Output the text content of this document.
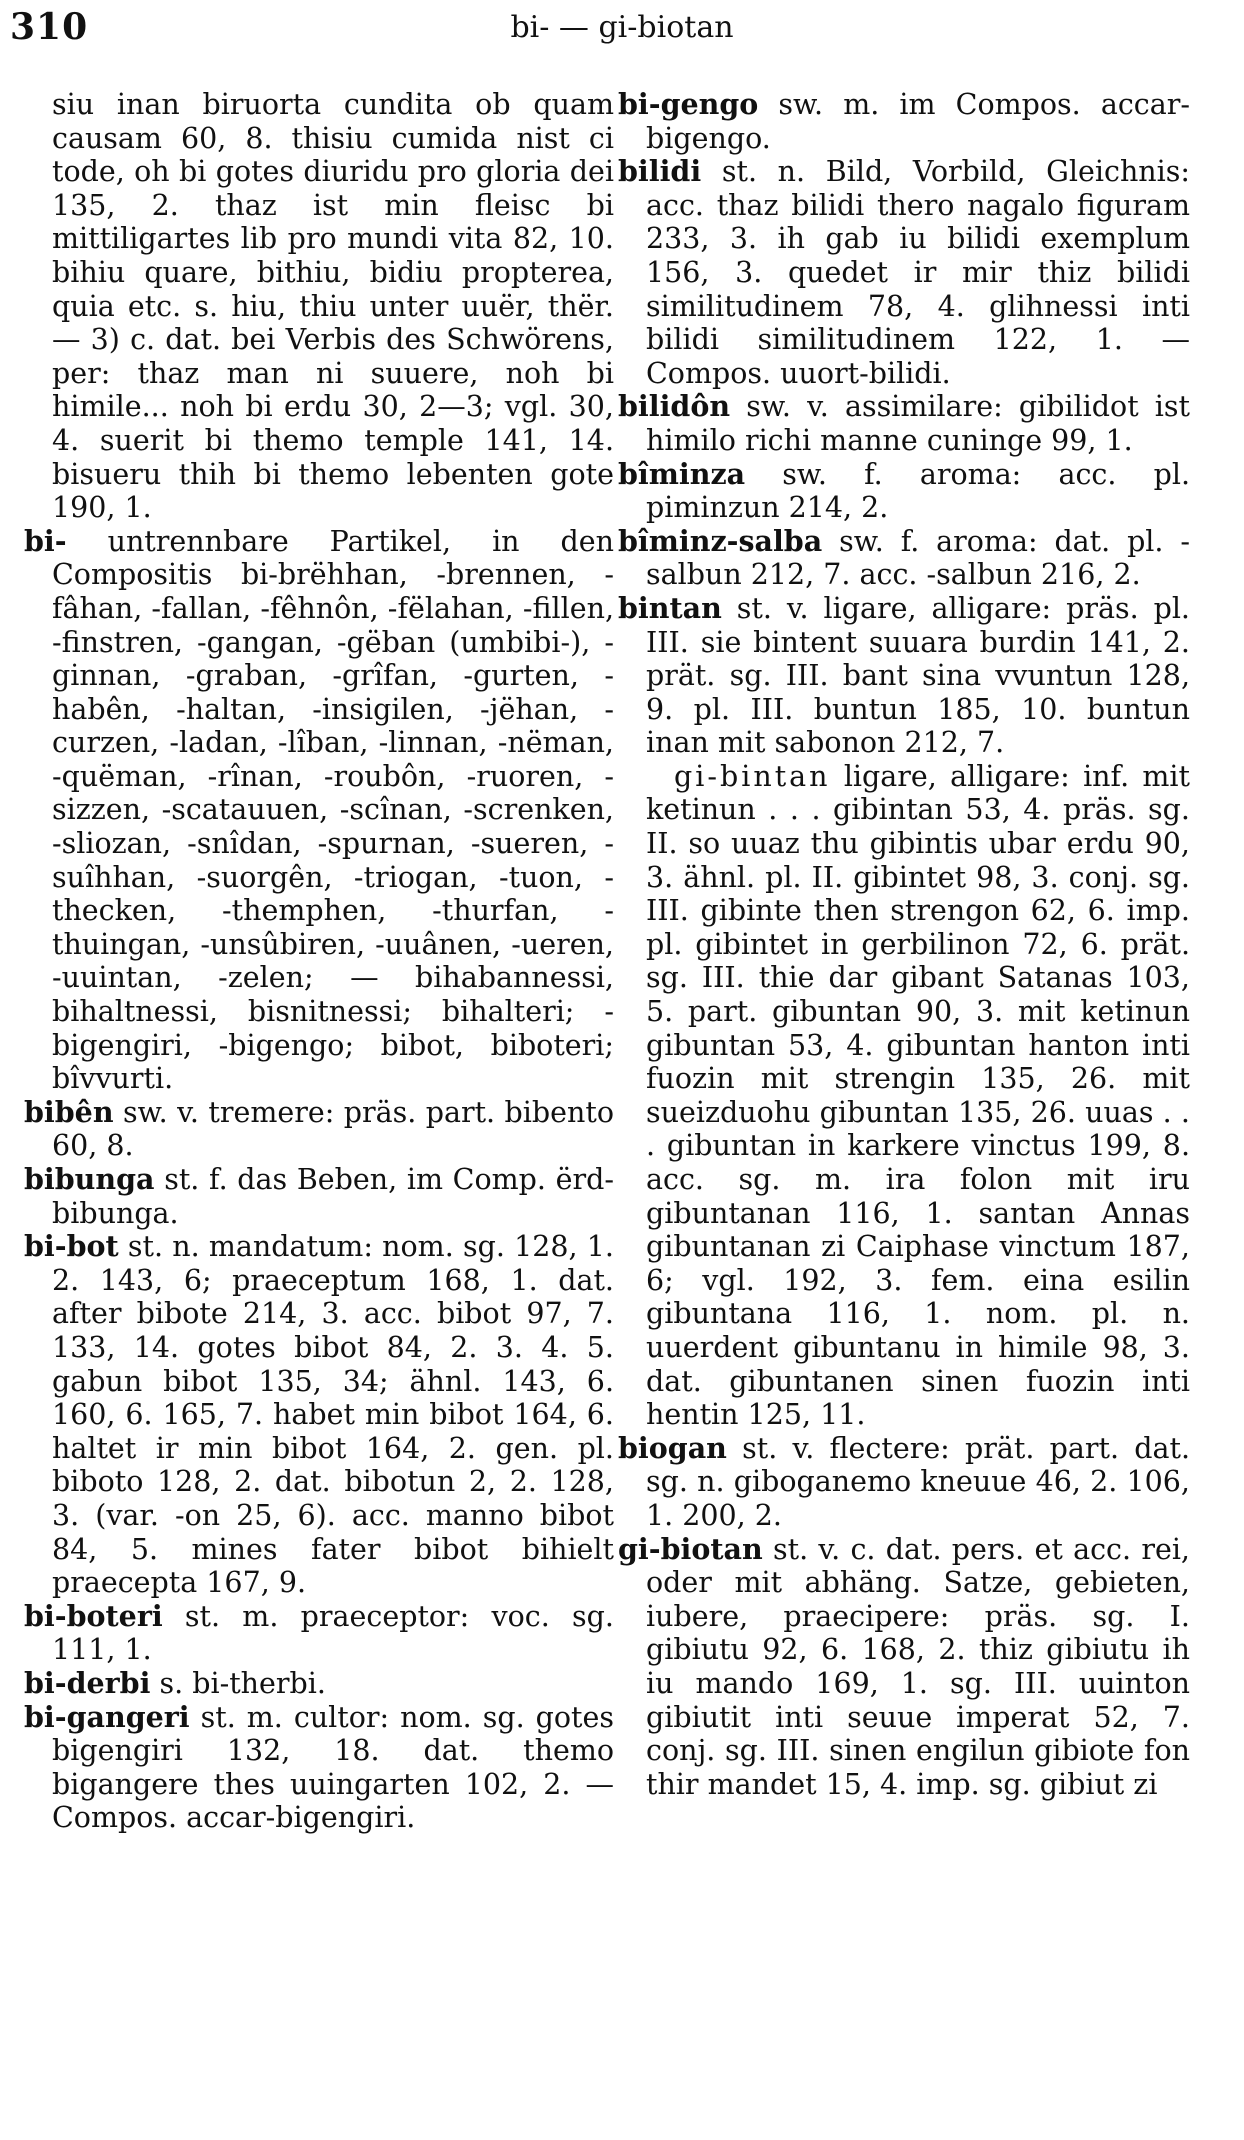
310	bi- — gi-biotan

siu inan biruorta cundita ob quam causam 60, 8. thisiu cumida nist ci tode, oh bi gotes diuridu pro gloria dei 135, 2. thaz ist min fleisc bi mittiligartes lib pro mundi vita 82, 10. bihiu quare, bithiu, bidiu propterea, quia etc. s. hiu, thiu unter uuër, thër. — 3) c. dat. bei Verbis des Schwörens, per: thaz man ni suuere, noh bi himile... noh bi erdu 30, 2—3; vgl. 30, 4. suerit bi themo temple 141, 14. bisueru thih bi themo lebenten gote 190, 1.

bi- untrennbare Partikel, in den Compositis bi-brëhhan, -brennen, -fâhan, -fallan, -fêhnôn, -fëlahan, -fillen, -finstren, -gangan, -gëban (umbibi-), -ginnan, -graban, -grîfan, -gurten, -habên, -haltan, -insigilen, -jëhan, -curzen, -ladan, -lîban, -linnan, -nëman, -quëman, -rînan, -roubôn, -ruoren, -sizzen, -scatauuen, -scînan, -screnken, -sliozan, -snîdan, -spurnan, -sueren, -suîhhan, -suorgên, -triogan, -tuon, -thecken, -themphen, -thurfan, -thuingan, -unsûbiren, -uuânen, -ueren, -uuintan, -zelen; — bihabannessi, bihaltnessi, bisnitnessi; bihalteri; -bigengiri, -bigengo; bibot, biboteri; bîvvurti.

bibên sw. v. tremere: präs. part. bibento 60, 8.

bibunga st. f. das Beben, im Comp. ërd-bibunga.

bi-bot st. n. mandatum: nom. sg. 128, 1. 2. 143, 6; praeceptum 168, 1. dat. after bibote 214, 3. acc. bibot 97, 7. 133, 14. gotes bibot 84, 2. 3. 4. 5. gabun bibot 135, 34; ähnl. 143, 6. 160, 6. 165, 7. habet min bibot 164, 6. haltet ir min bibot 164, 2. gen. pl. biboto 128, 2. dat. bibotun 2, 2. 128, 3. (var. -on 25, 6). acc. manno bibot 84, 5. mines fater bibot bihielt praecepta 167, 9.

bi-boteri st. m. praeceptor: voc. sg. 111, 1.

bi-derbi s. bi-therbi.

bi-gangeri st. m. cultor: nom. sg. gotes bigengiri 132, 18. dat. themo bigangere thes uuingarten 102, 2. — Compos. accar-bigengiri.

bi-gengo sw. m. im Compos. accar-bigengo.

bilidi st. n. Bild, Vorbild, Gleichnis: acc. thaz bilidi thero nagalo figuram 233, 3. ih gab iu bilidi exemplum 156, 3. quedet ir mir thiz bilidi similitudinem 78, 4. glihnessi inti bilidi similitudinem 122, 1. — Compos. uuort-bilidi.

bilidôn sw. v. assimilare: gibilidot ist himilo richi manne cuninge 99, 1.

bîminza sw. f. aroma: acc. pl. piminzun 214, 2.

bîminz-salba sw. f. aroma: dat. pl. -salbun 212, 7. acc. -salbun 216, 2.

bintan st. v. ligare, alligare: präs. pl. III. sie bintent suuara burdin 141, 2. prät. sg. III. bant sina vvuntun 128, 9. pl. III. buntun 185, 10. buntun inan mit sabonon 212, 7.

gi-bintan ligare, alligare: inf. mit ketinun . . . gibintan 53, 4. präs. sg. II. so uuaz thu gibintis ubar erdu 90, 3. ähnl. pl. II. gibintet 98, 3. conj. sg. III. gibinte then strengon 62, 6. imp. pl. gibintet in gerbilinon 72, 6. prät. sg. III. thie dar gibant Satanas 103, 5. part. gibuntan 90, 3. mit ketinun gibuntan 53, 4. gibuntan hanton inti fuozin mit strengin 135, 26. mit sueizduohu gibuntan 135, 26. uuas . . . gibuntan in karkere vinctus 199, 8. acc. sg. m. ira folon mit iru gibuntanan 116, 1. santan Annas gibuntanan zi Caiphase vinctum 187, 6; vgl. 192, 3. fem. eina esilin gibuntana 116, 1. nom. pl. n. uuerdent gibuntanu in himile 98, 3. dat. gibuntanen sinen fuozin inti hentin 125, 11.

biogan st. v. flectere: prät. part. dat. sg. n. giboganemo kneuue 46, 2. 106, 1. 200, 2.

gi-biotan st. v. c. dat. pers. et acc. rei, oder mit abhäng. Satze, gebieten, iubere, praecipere: präs. sg. I. gibiutu 92, 6. 168, 2. thiz gibiutu ih iu mando 169, 1. sg. III. uuinton gibiutit inti seuue imperat 52, 7. conj. sg. III. sinen engilun gibiote fon thir mandet 15, 4. imp. sg. gibiut zi
